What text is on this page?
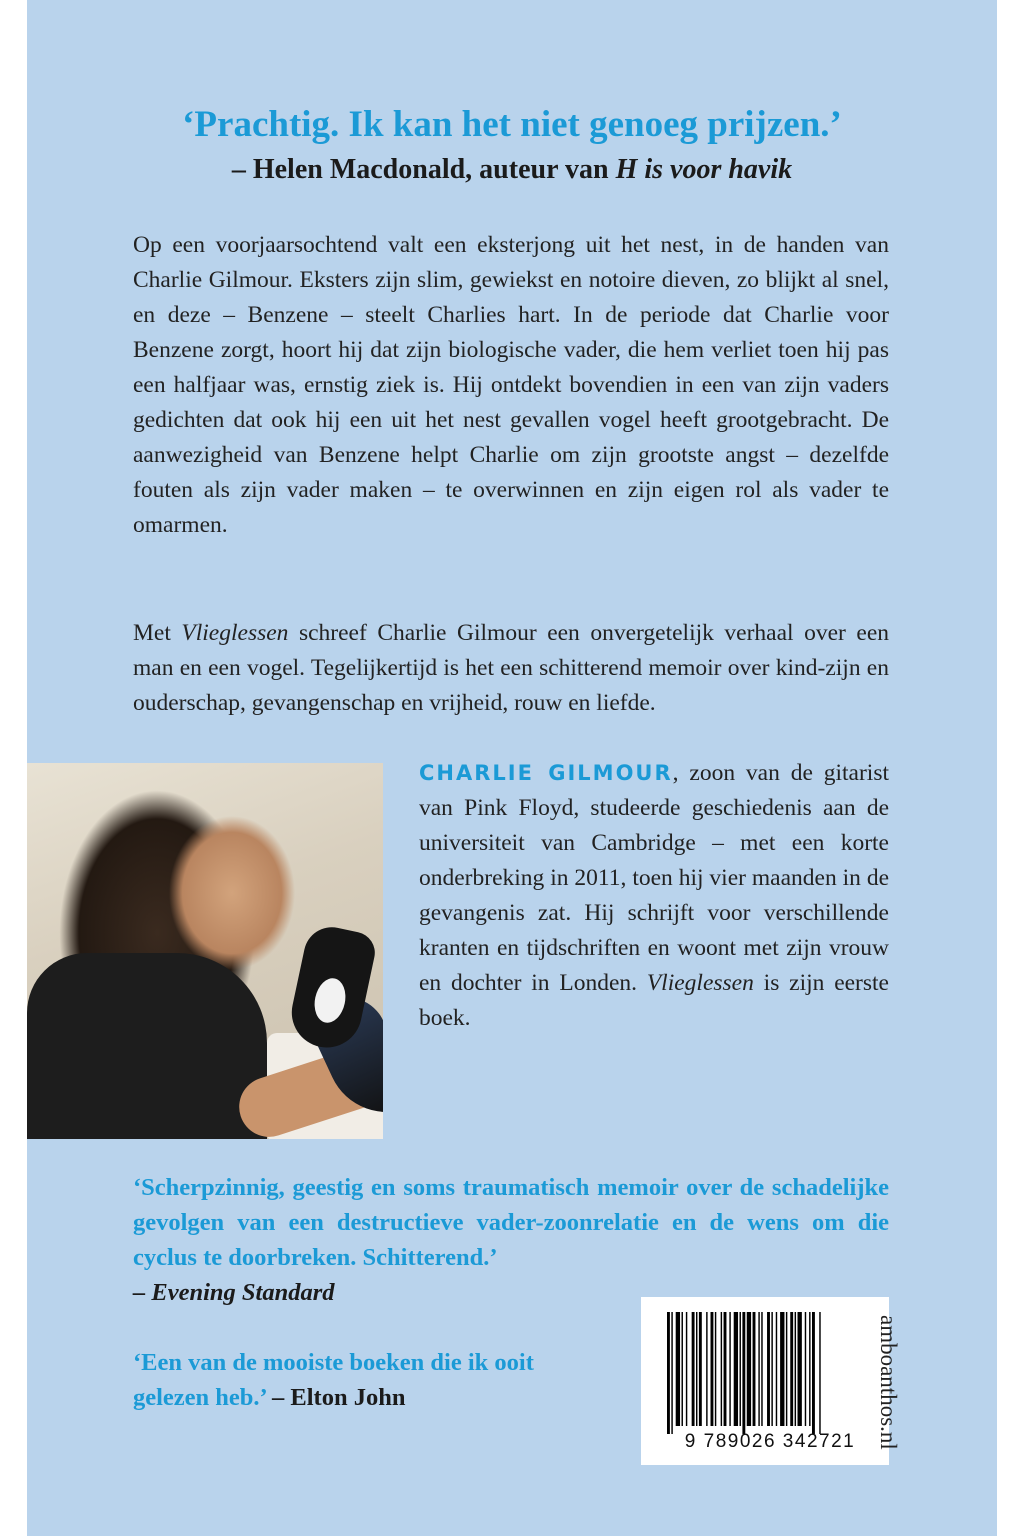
‘Prachtig. Ik kan het niet genoeg prijzen.’
– Helen Macdonald, auteur van H is voor havik
Op een voorjaarsochtend valt een eksterjong uit het nest, in de handen van Charlie Gilmour. Eksters zijn slim, gewiekst en notoire dieven, zo blijkt al snel, en deze – Benzene – steelt Charlies hart. In de periode dat Charlie voor Benzene zorgt, hoort hij dat zijn biologische vader, die hem verliet toen hij pas een halfjaar was, ernstig ziek is. Hij ontdekt bovendien in een van zijn vaders gedichten dat ook hij een uit het nest gevallen vogel heeft grootgebracht. De aanwezigheid van Benzene helpt Charlie om zijn grootste angst – dezelfde fouten als zijn vader maken – te overwinnen en zijn eigen rol als vader te omarmen.
Met Vlieglessen schreef Charlie Gilmour een onvergetelijk verhaal over een man en een vogel. Tegelijkertijd is het een schitterend memoir over kind-zijn en ouderschap, gevangenschap en vrijheid, rouw en liefde.
CHARLIE GILMOUR, zoon van de gitarist van Pink Floyd, studeerde geschiedenis aan de universiteit van Cambridge – met een korte onderbreking in 2011, toen hij vier maanden in de gevangenis zat. Hij schrijft voor verschillende kranten en tijdschriften en woont met zijn vrouw en dochter in Londen. Vlieglessen is zijn eerste boek.
‘Scherpzinnig, geestig en soms traumatisch memoir over de schadelijke gevolgen van een destructieve vader-zoonrelatie en de wens om die cyclus te doorbreken. Schitterend.’
– Evening Standard
‘Een van de mooiste boeken die ik ooit gelezen heb.’ – Elton John
9 789026 342721 amboanthos.nl
